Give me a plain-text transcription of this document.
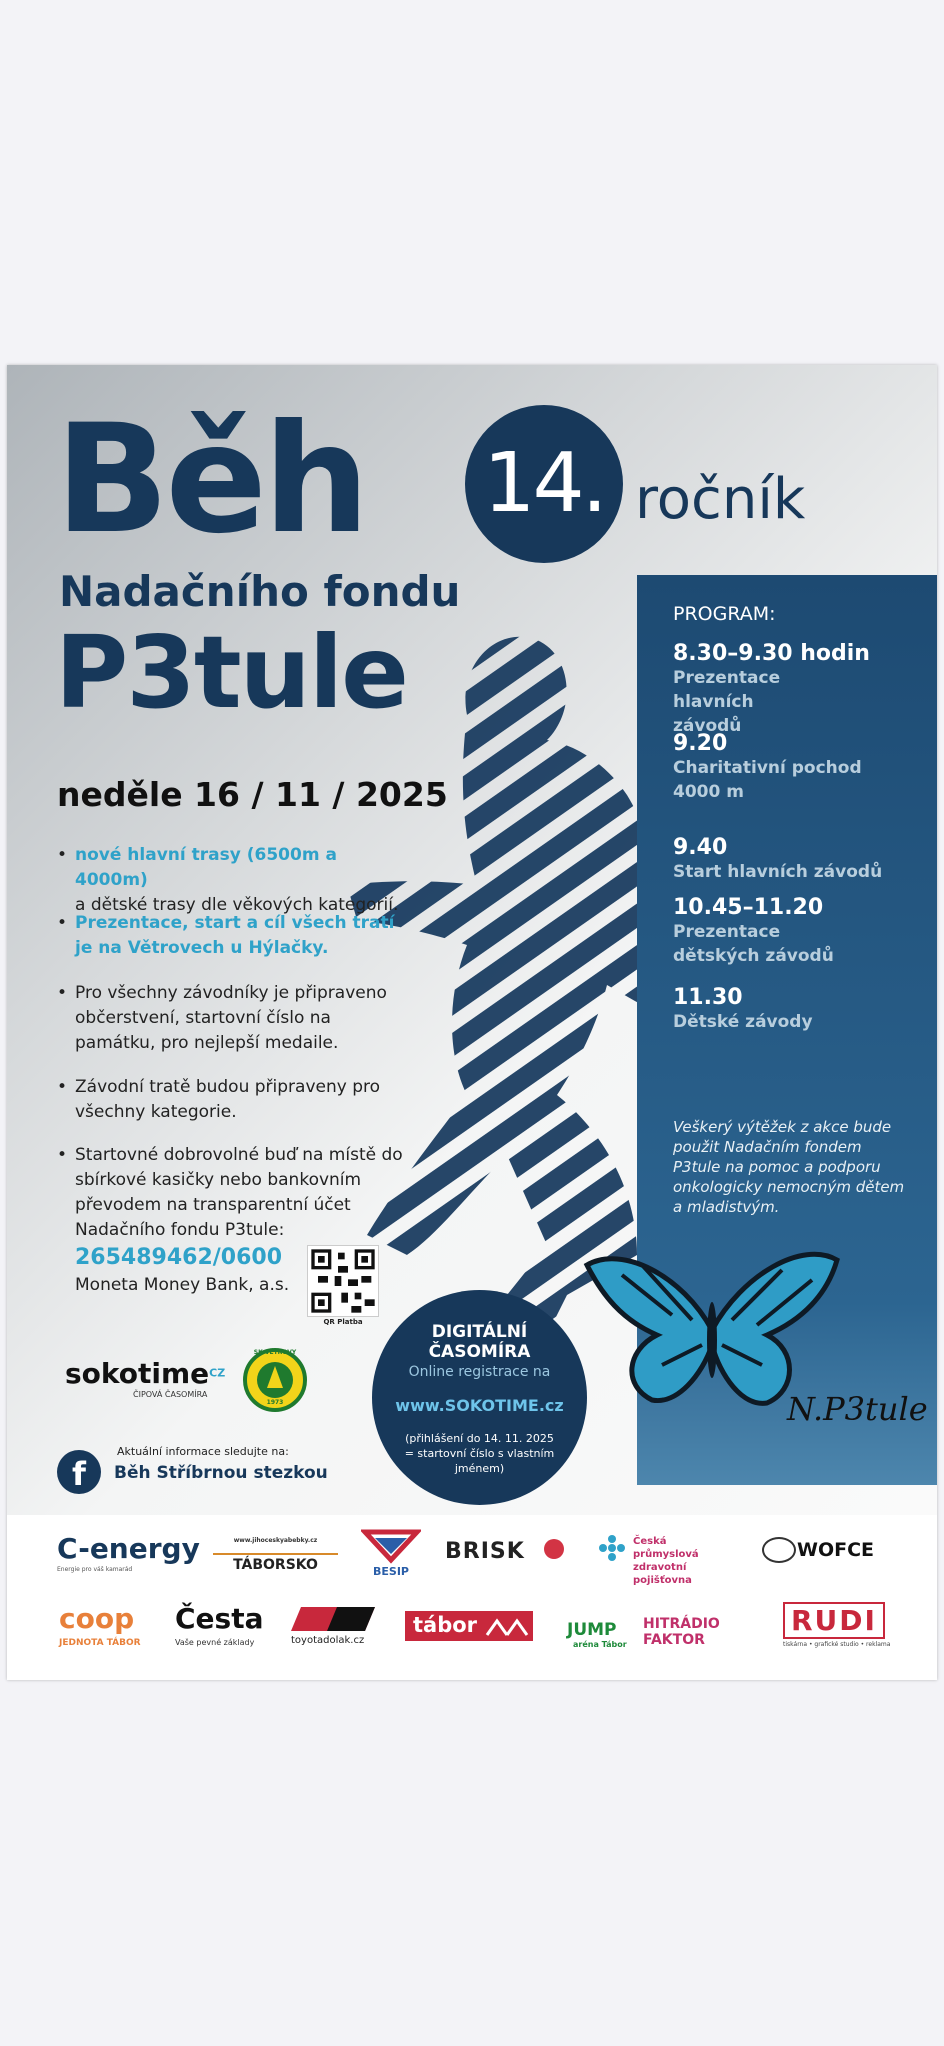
Běh
Nadačního fondu
P3tule
14. ročník
neděle 16 / 11 / 2025
• nové hlavní trasy (6500m a 4000m)
a dětské trasy dle věkových kategorií.
• Prezentace, start a cíl všech tratí
je na Větrovech u Hýlačky.
• Pro všechny závodníky je připraveno občerstvení, startovní číslo na památku, pro nejlepší medaile.
• Závodní tratě budou připraveny pro všechny kategorie.
• Startovné dobrovolné buď na místě do sbírkové kasičky nebo bankovním převodem na transparentní účet Nadačního fondu P3tule:
265489462/0600
Moneta Money Bank, a.s.
QR Platba
PROGRAM:
8.30–9.30 hodin
Prezentace hlavních závodů
9.20
Charitativní pochod 4000 m
9.40
Start hlavních závodů
10.45–11.20
Prezentace dětských závodů
11.30
Dětské závody
Veškerý výtěžek z akce bude použit Nadačním fondem P3tule na pomoc a podporu onkologicky nemocným dětem a mladistvým.
N.P3tule
DIGITÁLNÍ
ČASOMÍRA
Online registrace na
www.SOKOTIME.cz
(přihlášení do 14. 11. 2025 = startovní číslo s vlastním jménem)
sokotime$^{CZ}$
ČIPOVÁ ČASOMÍRA
SK VĚTROVY
1973
f
Aktuální informace sledujte na:
Běh Stříbrnou stezkou
C-energy
Energie pro váš kamarád
www.jihoceskyabebky.cz
TÁBORSKO	BESIP
BRISK	Česká průmyslová zdravotní pojišťovna
WOFCE
coop
JEDNOTA TÁBOR
Česta
Vaše pevné základy	toyotadolak.cz
tábor	JUMP
aréna Tábor
HITRÁDIO FAKTOR
RUDI
tiskárna • grafické studio • reklama
